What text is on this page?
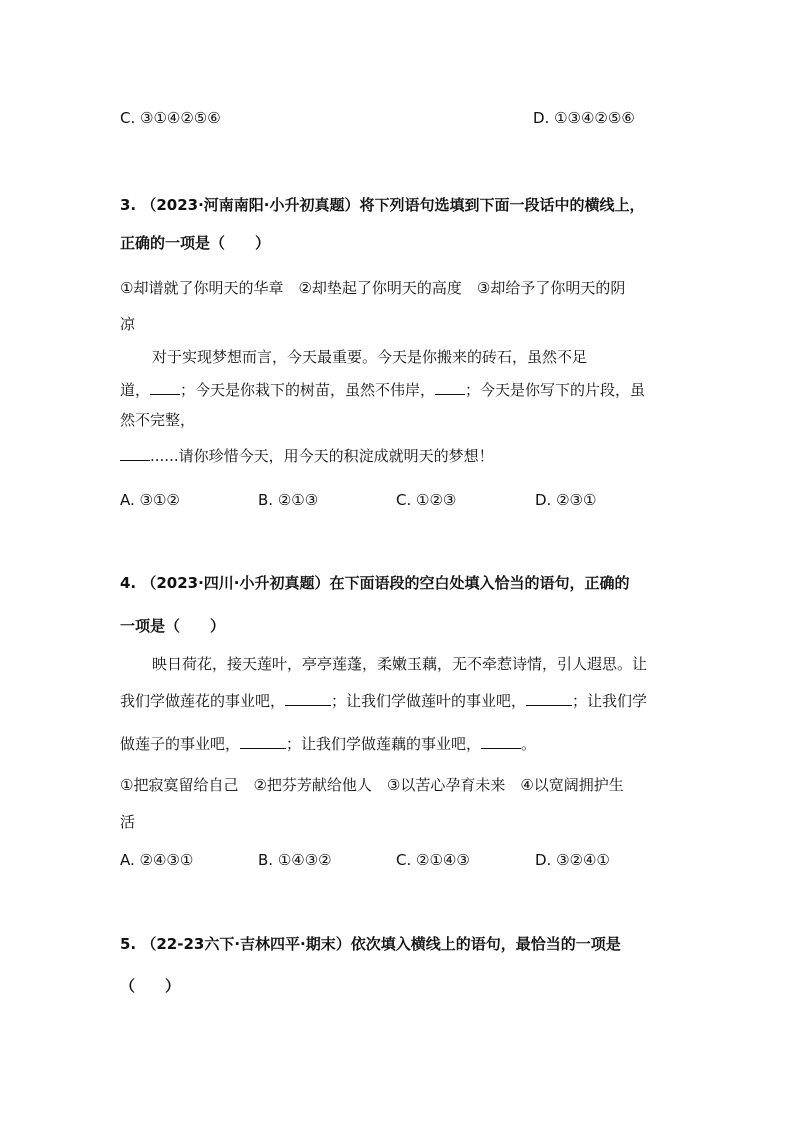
C. ③①④②⑤⑥	D. ①③④②⑤⑥
3. （2023·河南南阳·小升初真题）将下列语句选填到下面一段话中的横线上，
正确的一项是（　　）
①却谱就了你明天的华章　②却垫起了你明天的高度　③却给予了你明天的阴
凉
对于实现梦想而言，今天最重要。今天是你搬来的砖石，虽然不足
道， ；今天是你栽下的树苗，虽然不伟岸， ；今天是你写下的片段，虽
然不完整，
......请你珍惜今天，用今天的积淀成就明天的梦想！
A. ③①②	B. ②①③	C. ①②③	D. ②③①
4. （2023·四川·小升初真题）在下面语段的空白处填入恰当的语句，正确的
一项是（　　）
映日荷花，接天莲叶，亭亭莲蓬，柔嫩玉藕，无不牵惹诗情，引人遐思。让
我们学做莲花的事业吧，	；让我们学做莲叶的事业吧，	；让我们学
做莲子的事业吧，	；让我们学做莲藕的事业吧，	。
①把寂寞留给自己　②把芬芳献给他人　③以苦心孕育未来　④以宽阔拥护生
活
A. ②④③①	B. ①④③②	C. ②①④③	D. ③②④①
5. （22-23六下·吉林四平·期末）依次填入横线上的语句，最恰当的一项是
（　　）
